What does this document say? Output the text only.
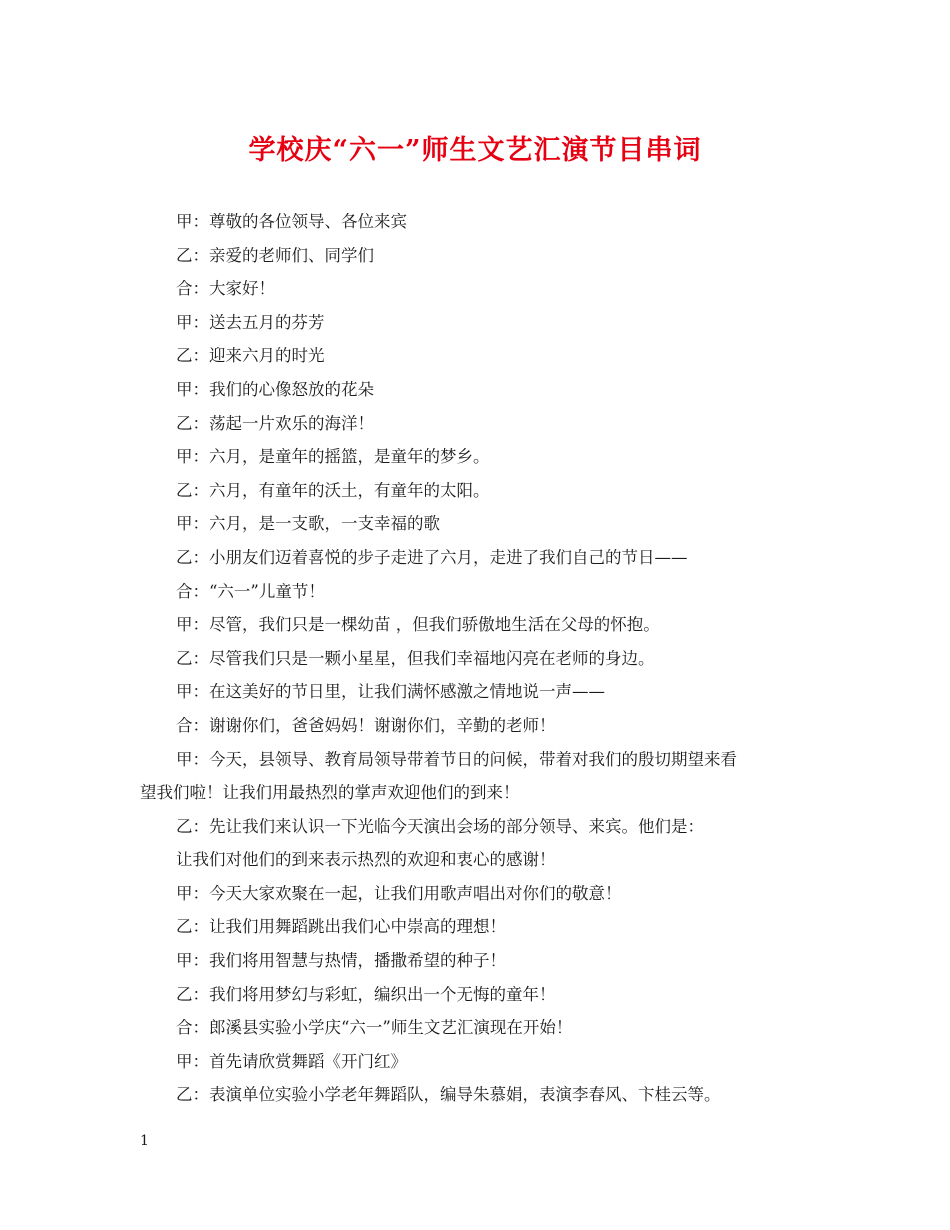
学校庆“六一”师生文艺汇演节目串词

甲：尊敬的各位领导、各位来宾

乙：亲爱的老师们、同学们

合：大家好！

甲：送去五月的芬芳

乙：迎来六月的时光

甲：我们的心像怒放的花朵

乙：荡起一片欢乐的海洋！

甲：六月，是童年的摇篮，是童年的梦乡。

乙：六月，有童年的沃土，有童年的太阳。

甲：六月，是一支歌，一支幸福的歌

乙：小朋友们迈着喜悦的步子走进了六月，走进了我们自己的节日——

合：“六一”儿童节！

甲：尽管，我们只是一棵幼苗 ，但我们骄傲地生活在父母的怀抱。

乙：尽管我们只是一颗小星星，但我们幸福地闪亮在老师的身边。

甲：在这美好的节日里，让我们满怀感激之情地说一声——

合：谢谢你们，爸爸妈妈！谢谢你们，辛勤的老师！

甲：今天，县领导、教育局领导带着节日的问候，带着对我们的殷切期望来看

望我们啦！让我们用最热烈的掌声欢迎他们的到来！

乙：先让我们来认识一下光临今天演出会场的部分领导、来宾。他们是：

让我们对他们的到来表示热烈的欢迎和衷心的感谢！

甲：今天大家欢聚在一起，让我们用歌声唱出对你们的敬意！

乙：让我们用舞蹈跳出我们心中崇高的理想！

甲：我们将用智慧与热情，播撒希望的种子！

乙：我们将用梦幻与彩虹，编织出一个无悔的童年！

合：郎溪县实验小学庆“六一”师生文艺汇演现在开始！

甲：首先请欣赏舞蹈《开门红》

乙：表演单位实验小学老年舞蹈队，编导朱慕娟，表演李春风、卞桂云等。

1
